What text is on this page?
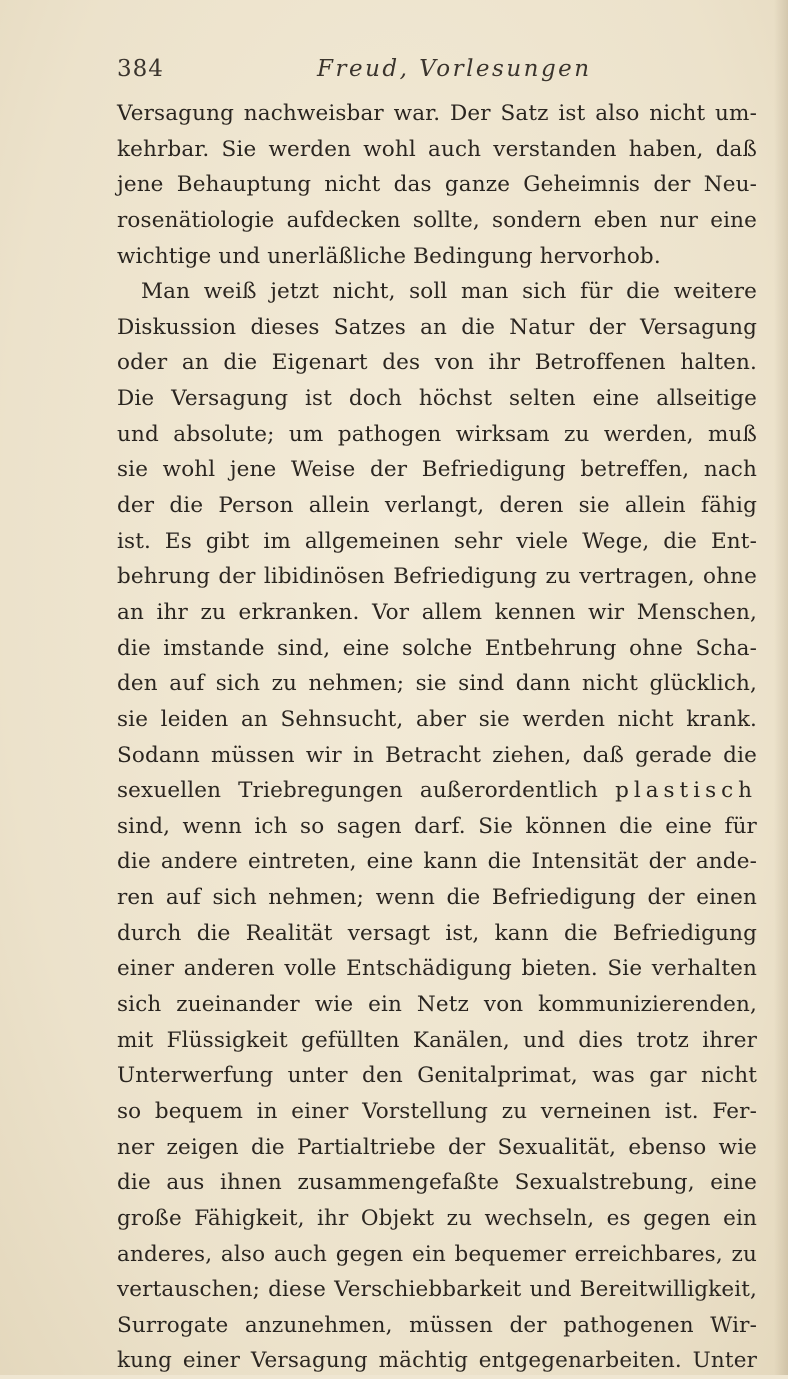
384	Freud, Vorlesungen
Versagung nachweisbar war. Der Satz ist also nicht um-
kehrbar. Sie werden wohl auch verstanden haben, daß
jene Behauptung nicht das ganze Geheimnis der Neu-
rosenätiologie aufdecken sollte, sondern eben nur eine
wichtige und unerläßliche Bedingung hervorhob.
Man weiß jetzt nicht, soll man sich für die weitere
Diskussion dieses Satzes an die Natur der Versagung
oder an die Eigenart des von ihr Betroffenen halten.
Die Versagung ist doch höchst selten eine allseitige
und absolute; um pathogen wirksam zu werden, muß
sie wohl jene Weise der Befriedigung betreffen, nach
der die Person allein verlangt, deren sie allein fähig
ist. Es gibt im allgemeinen sehr viele Wege, die Ent-
behrung der libidinösen Befriedigung zu vertragen, ohne
an ihr zu erkranken. Vor allem kennen wir Menschen,
die imstande sind, eine solche Entbehrung ohne Scha-
den auf sich zu nehmen; sie sind dann nicht glücklich,
sie leiden an Sehnsucht, aber sie werden nicht krank.
Sodann müssen wir in Betracht ziehen, daß gerade die
sexuellen Triebregungen außerordentlich plastisch
sind, wenn ich so sagen darf. Sie können die eine für
die andere eintreten, eine kann die Intensität der ande-
ren auf sich nehmen; wenn die Befriedigung der einen
durch die Realität versagt ist, kann die Befriedigung
einer anderen volle Entschädigung bieten. Sie verhalten
sich zueinander wie ein Netz von kommunizierenden,
mit Flüssigkeit gefüllten Kanälen, und dies trotz ihrer
Unterwerfung unter den Genitalprimat, was gar nicht
so bequem in einer Vorstellung zu verneinen ist. Fer-
ner zeigen die Partialtriebe der Sexualität, ebenso wie
die aus ihnen zusammengefaßte Sexualstrebung, eine
große Fähigkeit, ihr Objekt zu wechseln, es gegen ein
anderes, also auch gegen ein bequemer erreichbares, zu
vertauschen; diese Verschiebbarkeit und Bereitwilligkeit,
Surrogate anzunehmen, müssen der pathogenen Wir-
kung einer Versagung mächtig entgegenarbeiten. Unter
